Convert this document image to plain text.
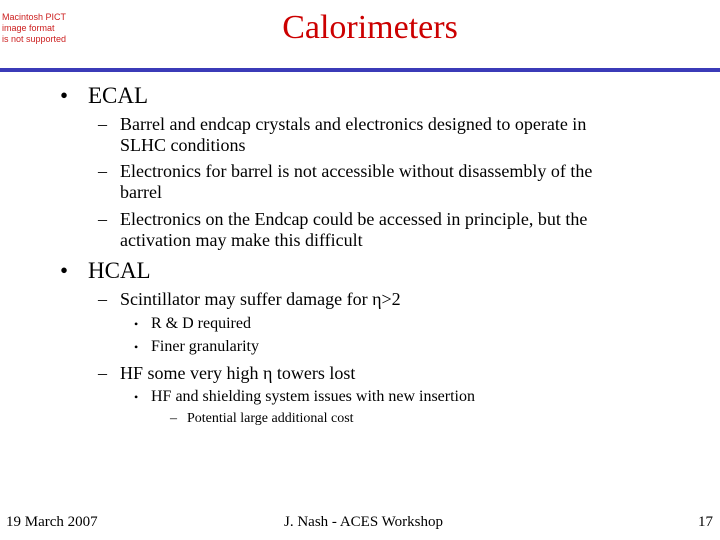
Macintosh PICT
image format
is not supported	Calorimeters
• ECAL
– Barrel and endcap crystals and electronics designed to operate in
SLHC conditions
– Electronics for barrel is not accessible without disassembly of the
barrel
– Electronics on the Endcap could be accessed in principle, but the
activation may make this difficult
• HCAL
– Scintillator may suffer damage for η>2
• R & D required
• Finer granularity
– HF some very high η towers lost
• HF and shielding system issues with new insertion
– Potential large additional cost
19 March 2007	J. Nash - ACES Workshop	17
